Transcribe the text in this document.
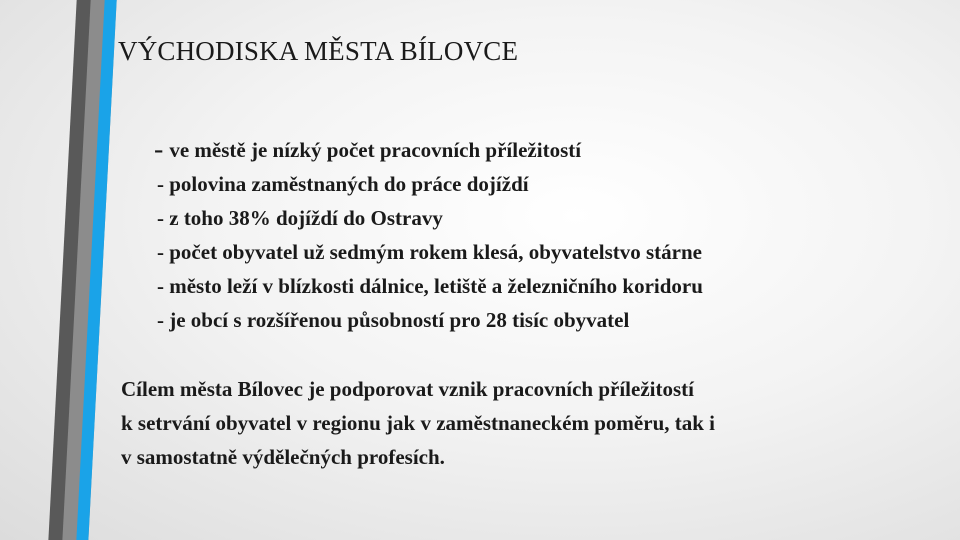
VÝCHODISKA MĚSTA BÍLOVCE
- ve městě je nízký počet pracovních příležitostí
- polovina zaměstnaných do práce dojíždí
- z toho 38% dojíždí do Ostravy
- počet obyvatel už sedmým rokem klesá, obyvatelstvo stárne
- město leží v blízkosti dálnice, letiště a železničního koridoru
- je obcí s rozšířenou působností pro 28 tisíc obyvatel
Cílem města Bílovec je podporovat vznik pracovních příležitostí
k setrvání obyvatel v regionu jak v zaměstnaneckém poměru, tak i
v samostatně výdělečných profesích.
